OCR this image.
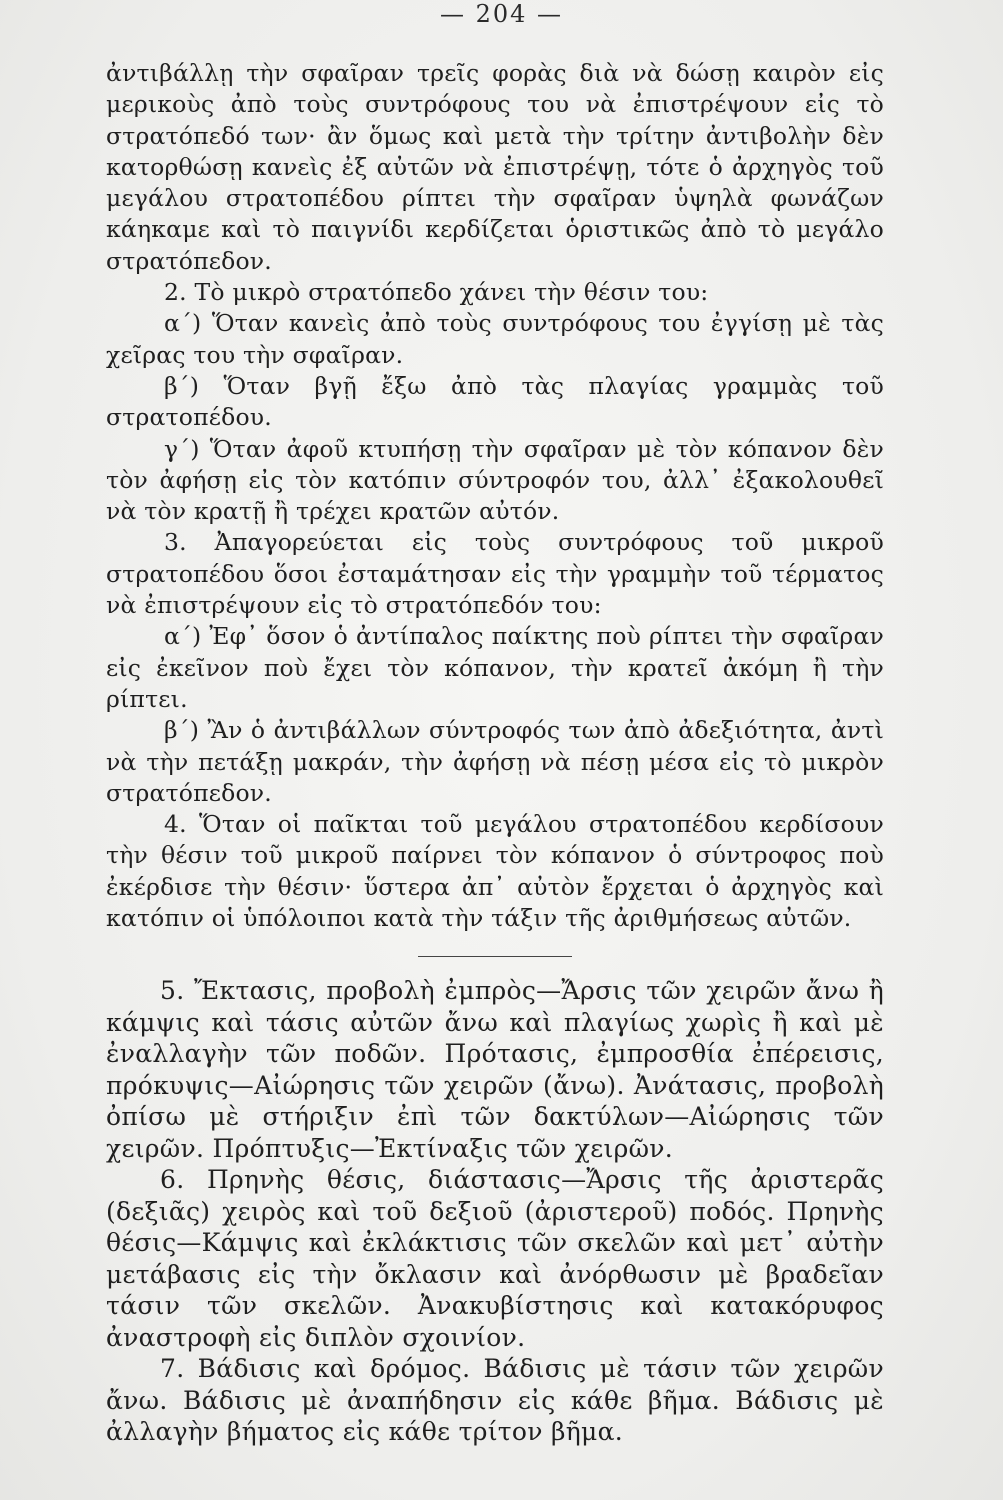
— 204 —

ἀντιβάλλῃ τὴν σφαῖραν τρεῖς φορὰς διὰ νὰ δώσῃ καιρὸν εἰς μερικοὺς ἀπὸ τοὺς συντρόφους του νὰ ἐπιστρέψουν εἰς τὸ στρατόπεδό των· ἂν ὅμως καὶ μετὰ τὴν τρίτην ἀντιβολὴν δὲν κατορθώσῃ κανεὶς ἐξ αὐτῶν νὰ ἐπιστρέψῃ, τότε ὁ ἀρχηγὸς τοῦ μεγάλου στρατοπέδου ρίπτει τὴν σφαῖραν ὑψηλὰ φωνάζων κάηκαμε καὶ τὸ παιγνίδι κερδίζεται ὁριστικῶς ἀπὸ τὸ μεγάλο στρατόπεδον.

2. Τὸ μικρὸ στρατόπεδο χάνει τὴν θέσιν του:

α΄) Ὅταν κανεὶς ἀπὸ τοὺς συντρόφους του ἐγγίσῃ μὲ τὰς χεῖρας του τὴν σφαῖραν.

β΄) Ὅταν βγῇ ἔξω ἀπὸ τὰς πλαγίας γραμμὰς τοῦ στρατοπέδου.

γ΄) Ὅταν ἀφοῦ κτυπήσῃ τὴν σφαῖραν μὲ τὸν κόπανον δὲν τὸν ἀφήσῃ εἰς τὸν κατόπιν σύντροφόν του, ἀλλ᾽ ἐξακολουθεῖ νὰ τὸν κρατῇ ἢ τρέχει κρατῶν αὐτόν.

3. Ἀπαγορεύεται εἰς τοὺς συντρόφους τοῦ μικροῦ στρατοπέδου ὅσοι ἐσταμάτησαν εἰς τὴν γραμμὴν τοῦ τέρματος νὰ ἐπιστρέψουν εἰς τὸ στρατόπεδόν του:

α΄) Ἐφ᾽ ὅσον ὁ ἀντίπαλος παίκτης ποὺ ρίπτει τὴν σφαῖραν εἰς ἐκεῖνον ποὺ ἔχει τὸν κόπανον, τὴν κρατεῖ ἀκόμη ἢ τὴν ρίπτει.

β΄) Ἂν ὁ ἀντιβάλλων σύντροφός των ἀπὸ ἀδεξιότητα, ἀντὶ νὰ τὴν πετάξῃ μακράν, τὴν ἀφήσῃ νὰ πέσῃ μέσα εἰς τὸ μικρὸν στρατόπεδον.

4. Ὅταν οἱ παῖκται τοῦ μεγάλου στρατοπέδου κερδίσουν τὴν θέσιν τοῦ μικροῦ παίρνει τὸν κόπανον ὁ σύντροφος ποὺ ἐκέρδισε τὴν θέσιν· ὕστερα ἀπ᾽ αὐτὸν ἔρχεται ὁ ἀρχηγὸς καὶ κατόπιν οἱ ὑπόλοιποι κατὰ τὴν τάξιν τῆς ἀριθμήσεως αὐτῶν.

5. Ἔκτασις, προβολὴ ἐμπρὸς—Ἄρσις τῶν χειρῶν ἄνω ἢ κάμψις καὶ τάσις αὐτῶν ἄνω καὶ πλαγίως χωρὶς ἢ καὶ μὲ ἐναλλαγὴν τῶν ποδῶν. Πρότασις, ἐμπροσθία ἐπέρεισις, πρόκυψις—Αἰώρησις τῶν χειρῶν (ἄνω). Ἀνάτασις, προβολὴ ὀπίσω μὲ στήριξιν ἐπὶ τῶν δακτύλων—Αἰώρησις τῶν χειρῶν. Πρόπτυξις—Ἐκτίναξις τῶν χειρῶν.

6. Πρηνὴς θέσις, διάστασις—Ἄρσις τῆς ἀριστερᾶς (δεξιᾶς) χειρὸς καὶ τοῦ δεξιοῦ (ἀριστεροῦ) ποδός. Πρηνὴς θέσις—Κάμψις καὶ ἐκλάκτισις τῶν σκελῶν καὶ μετ᾽ αὐτὴν μετάβασις εἰς τὴν ὄκλασιν καὶ ἀνόρθωσιν μὲ βραδεῖαν τάσιν τῶν σκελῶν. Ἀνακυβίστησις καὶ κατακόρυφος ἀναστροφὴ εἰς διπλὸν σχοινίον.

7. Βάδισις καὶ δρόμος. Βάδισις μὲ τάσιν τῶν χειρῶν ἄνω. Βάδισις μὲ ἀναπήδησιν εἰς κάθε βῆμα. Βάδισις μὲ ἀλλαγὴν βήματος εἰς κάθε τρίτον βῆμα.
